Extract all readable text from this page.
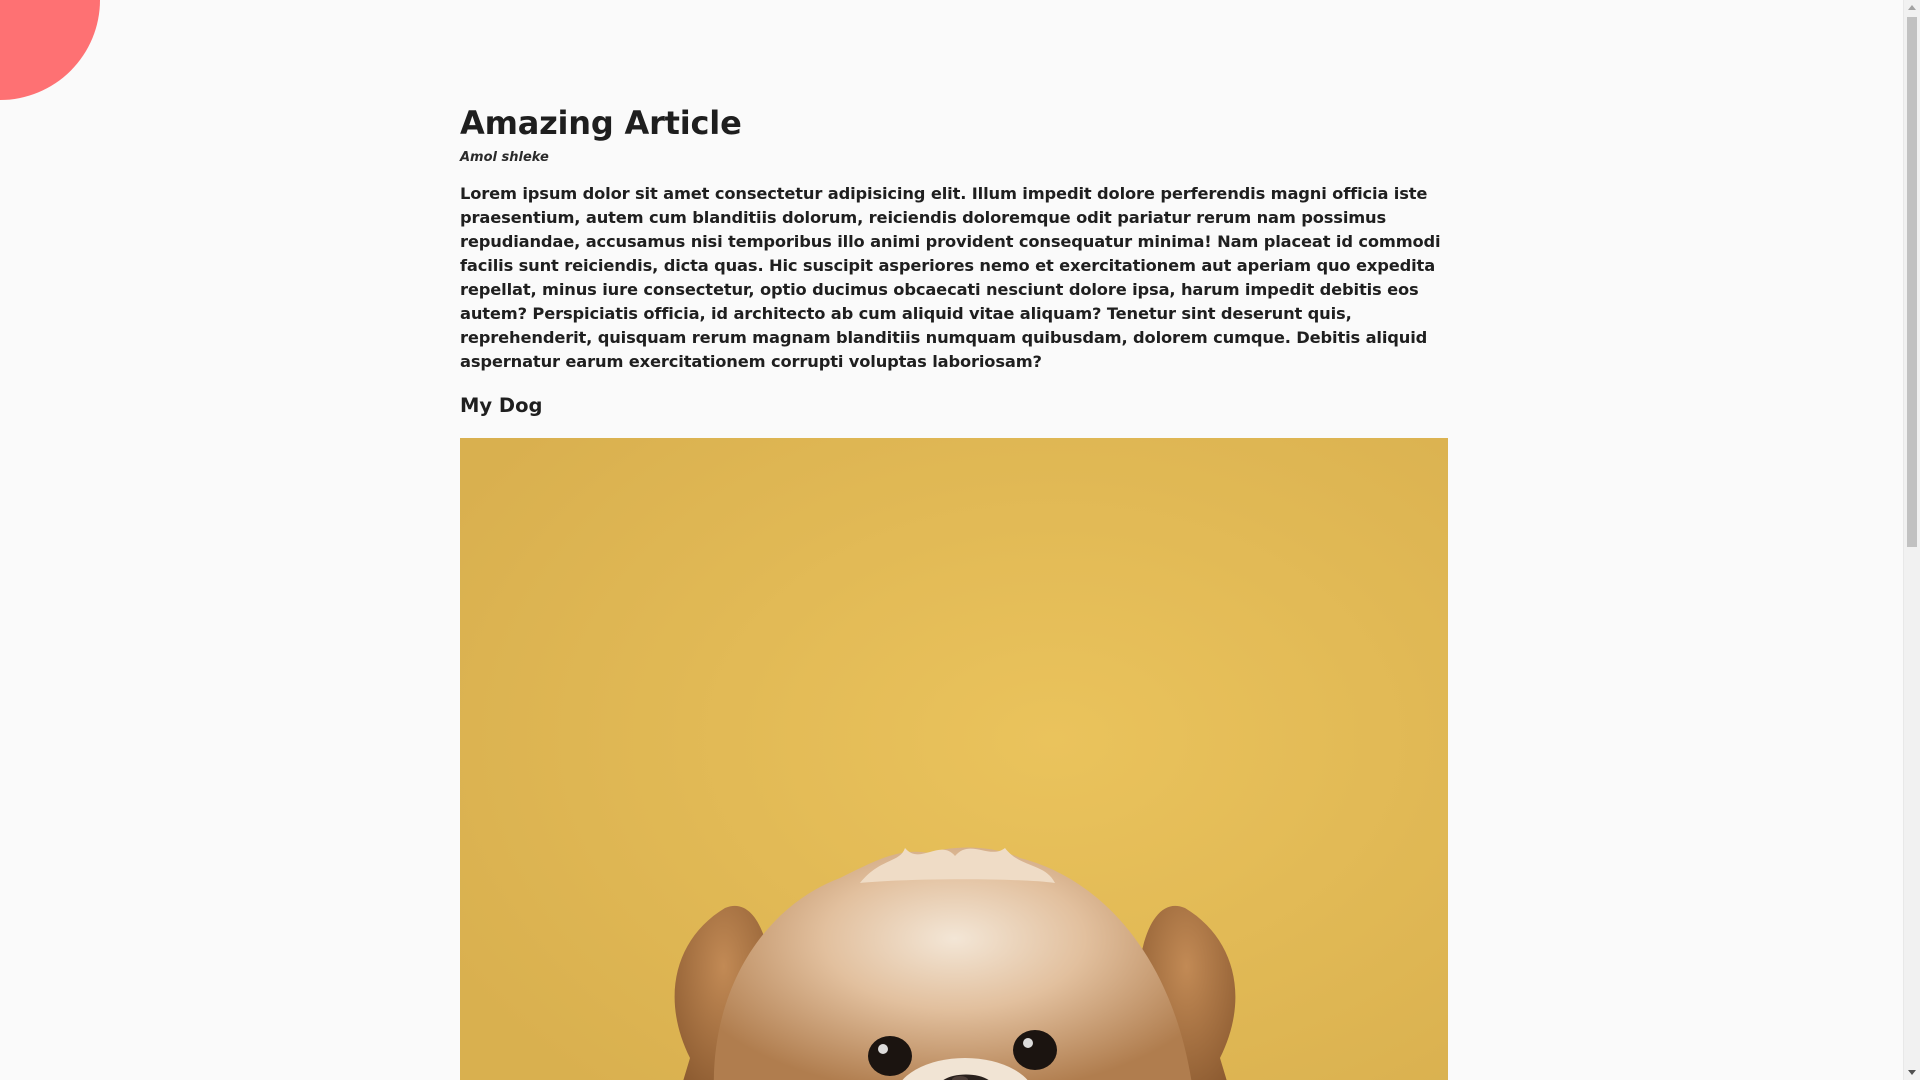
Amazing Article

Amol shleke

Lorem ipsum dolor sit amet consectetur adipisicing elit. Illum impedit dolore perferendis magni officia iste praesentium, autem cum blanditiis dolorum, reiciendis doloremque odit pariatur rerum nam possimus repudiandae, accusamus nisi temporibus illo animi provident consequatur minima! Nam placeat id commodi facilis sunt reiciendis, dicta quas. Hic suscipit asperiores nemo et exercitationem aut aperiam quo expedita repellat, minus iure consectetur, optio ducimus obcaecati nesciunt dolore ipsa, harum impedit debitis eos autem? Perspiciatis officia, id architecto ab cum aliquid vitae aliquam? Tenetur sint deserunt quis, reprehenderit, quisquam rerum magnam blanditiis numquam quibusdam, dolorem cumque. Debitis aliquid aspernatur earum exercitationem corrupti voluptas laboriosam?

My Dog
